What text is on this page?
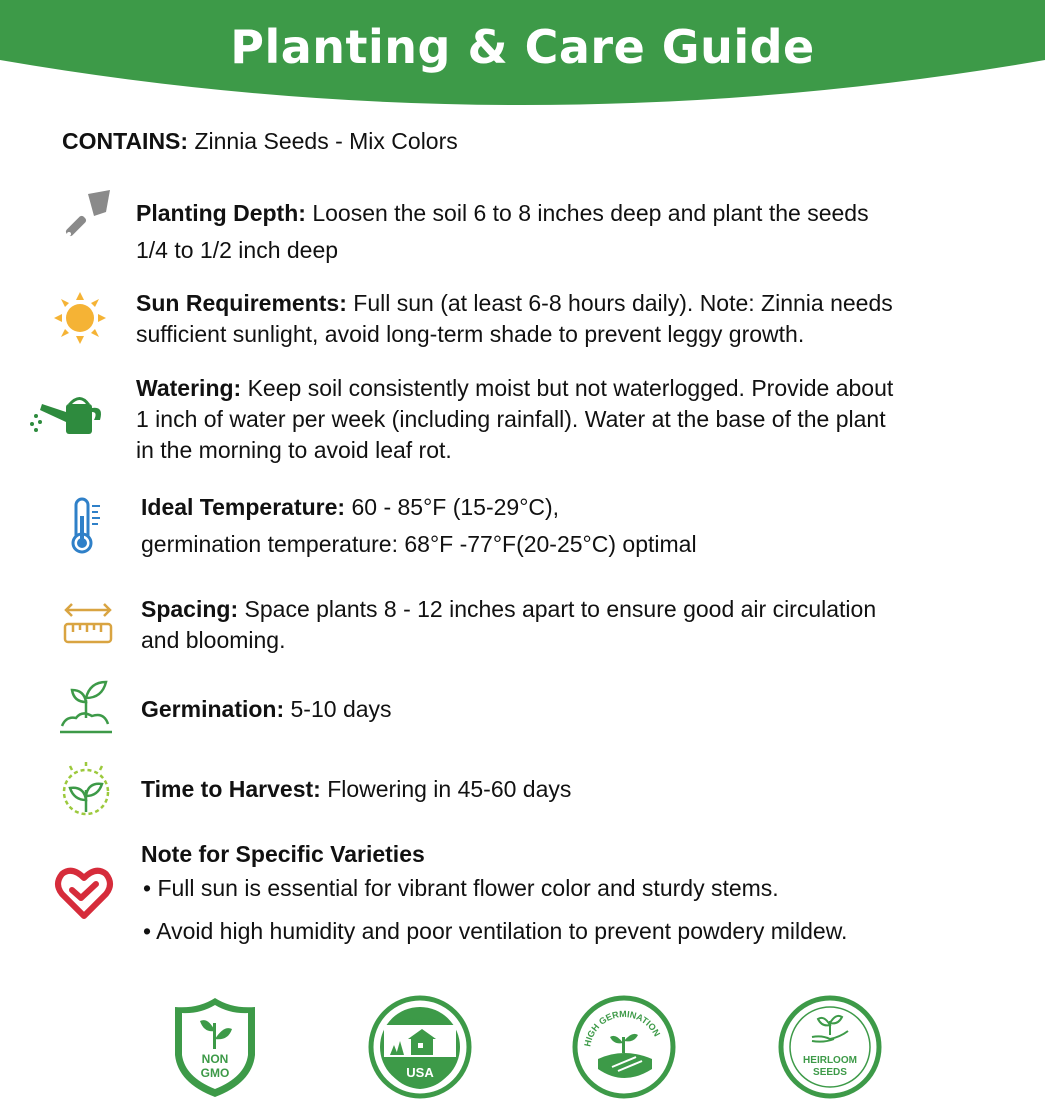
Planting & Care Guide
CONTAINS: Zinnia Seeds - Mix Colors
Planting Depth: Loosen the soil 6 to 8 inches deep and plant the seeds
1/4 to 1/2 inch deep
Sun Requirements: Full sun (at least 6-8 hours daily). Note: Zinnia needs
sufficient sunlight, avoid long-term shade to prevent leggy growth.
Watering: Keep soil consistently moist but not waterlogged. Provide about
1 inch of water per week (including rainfall). Water at the base of the plant
in the morning to avoid leaf rot.
Ideal Temperature: 60 - 85°F (15-29°C),
germination temperature: 68°F -77°F(20-25°C) optimal
Spacing: Space plants 8 - 12 inches apart to ensure good air circulation
and blooming.
Germination: 5-10 days
Time to Harvest: Flowering in 45-60 days
Note for Specific Varieties
• Full sun is essential for vibrant flower color and sturdy stems.
• Avoid high humidity and poor ventilation to prevent powdery mildew.
NON
GMO
MADE IN
USA
HIGH GERMINATION
HEIRLOOM
SEEDS
